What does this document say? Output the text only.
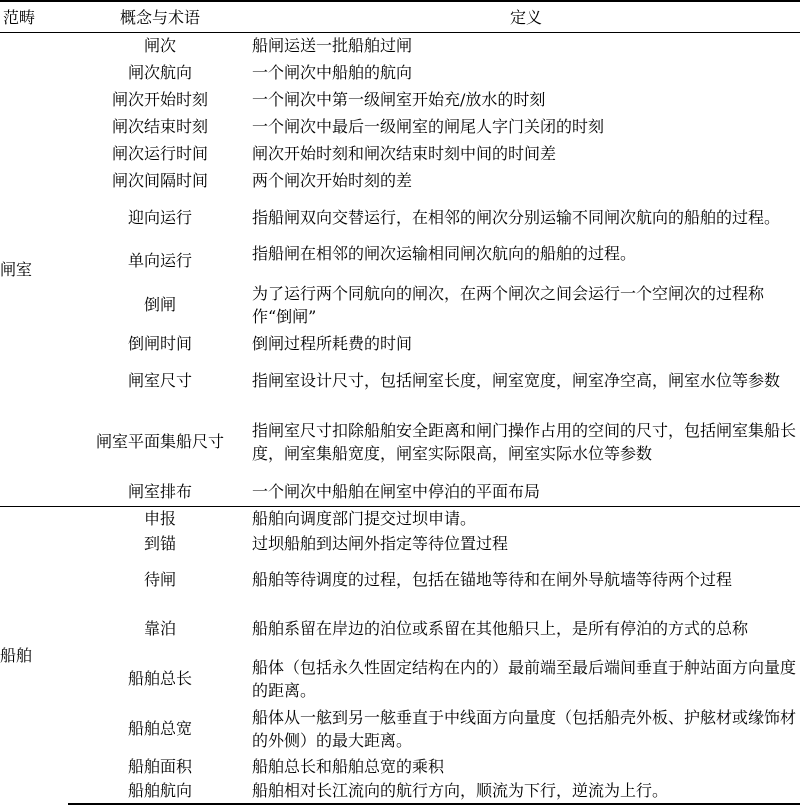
范畴	概念与术语	定义
闸室	闸次	船闸运送一批船舶过闸
	闸次航向	一个闸次中船舶的航向
	闸次开始时刻	一个闸次中第一级闸室开始充/放水的时刻
	闸次结束时刻	一个闸次中最后一级闸室的闸尾人字门关闭的时刻
	闸次运行时间	闸次开始时刻和闸次结束时刻中间的时间差
	闸次间隔时间	两个闸次开始时刻的差
	迎向运行	指船闸双向交替运行，在相邻的闸次分别运输不同闸次航向的船舶的过程。
	单向运行	指船闸在相邻的闸次运输相同闸次航向的船舶的过程。
	倒闸	为了运行两个同航向的闸次，在两个闸次之间会运行一个空闸次的过程称作“倒闸”
	倒闸时间	倒闸过程所耗费的时间
	闸室尺寸	指闸室设计尺寸，包括闸室长度，闸室宽度，闸室净空高，闸室水位等参数
	闸室平面集船尺寸	指闸室尺寸扣除船舶安全距离和闸门操作占用的空间的尺寸，包括闸室集船长度，闸室集船宽度，闸室实际限高，闸室实际水位等参数
	闸室排布	一个闸次中船舶在闸室中停泊的平面布局
船舶	申报	船舶向调度部门提交过坝申请。
	到锚	过坝船舶到达闸外指定等待位置过程
	待闸	船舶等待调度的过程，包括在锚地等待和在闸外导航墙等待两个过程
	靠泊	船舶系留在岸边的泊位或系留在其他船只上，是所有停泊的方式的总称
	船舶总长	船体（包括永久性固定结构在内的）最前端至最后端间垂直于舯站面方向量度的距离。
	船舶总宽	船体从一舷到另一舷垂直于中线面方向量度（包括船壳外板、护舷材或缘饰材的外侧）的最大距离。
	船舶面积	船舶总长和船舶总宽的乘积
	船舶航向	船舶相对长江流向的航行方向，顺流为下行，逆流为上行。
